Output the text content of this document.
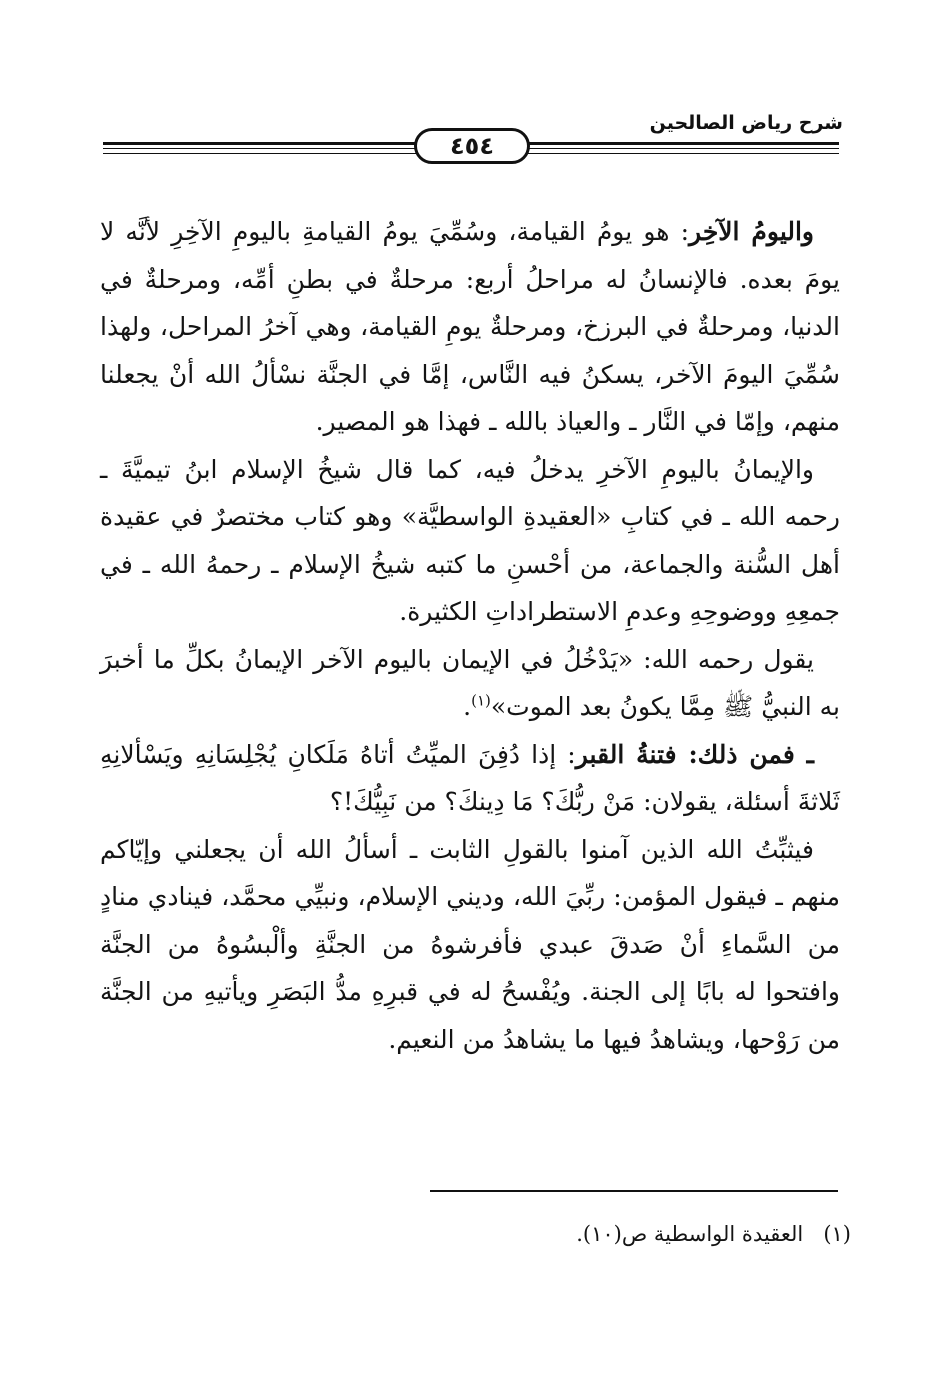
شرح رياض الصالحين
٤٥٤

واليومُ الآخِر: هو يومُ القيامة، وسُمِّيَ يومُ القيامةِ باليومِ الآخِرِ لأنَّه لا يومَ بعده. فالإنسانُ له مراحلُ أربع: مرحلةٌ في بطنِ أمِّه، ومرحلةٌ في الدنيا، ومرحلةٌ في البرزخ، ومرحلةٌ يومِ القيامة، وهي آخرُ المراحل، ولهذا سُمِّيَ اليومَ الآخر، يسكنُ فيه النَّاس، إمَّا في الجنَّة نسْألُ الله أنْ يجعلنا منهم، وإمّا في النَّار ـ والعياذ بالله ـ فهذا هو المصير.

والإيمانُ باليومِ الآخرِ يدخلُ فيه، كما قال شيخُ الإسلام ابنُ تيميَّةَ ـ رحمه الله ـ في كتابِ «العقيدةِ الواسطيَّة» وهو كتاب مختصرٌ في عقيدة أهل السُّنة والجماعة، من أحْسنِ ما كتبه شيخُ الإسلام ـ رحمهُ الله ـ في جمعِهِ ووضوحِهِ وعدمِ الاستطراداتِ الكثيرة.

يقول رحمه الله: «يَدْخُلُ في الإيمان باليوم الآخر الإيمانُ بكلِّ ما أخبرَ به النبيُّ ﷺ مِمَّا يكونُ بعد الموت»$^{(١)}$.

ـ فمن ذلك: فتنةُ القبر: إذا دُفِنَ الميِّتُ أتاهُ مَلَكانِ يُجْلِسَانِهِ ويَسْألانِهِ ثَلاثةَ أسئلة، يقولان: مَنْ ربُّكَ؟ مَا دِينكَ؟ من نَبِيُّكَ!؟

فيثبِّتُ الله الذين آمنوا بالقولِ الثابت ـ أسألُ الله أن يجعلني وإيّاكم منهم ـ فيقول المؤمن: ربِّيَ الله، وديني الإسلام، ونبيِّي محمَّد، فينادي منادٍ من السَّماءِ أنْ صَدقَ عبدي فأفرشوهُ من الجنَّةِ وألْبسُوهُ من الجنَّة وافتحوا له بابًا إلى الجنة. ويُفْسحُ له في قبرِهِ مدُّ البَصَرِ ويأتيهِ من الجنَّة من رَوْحها، ويشاهدُ فيها ما يشاهدُ من النعيم.

(١)   العقيدة الواسطية ص(١٠).
